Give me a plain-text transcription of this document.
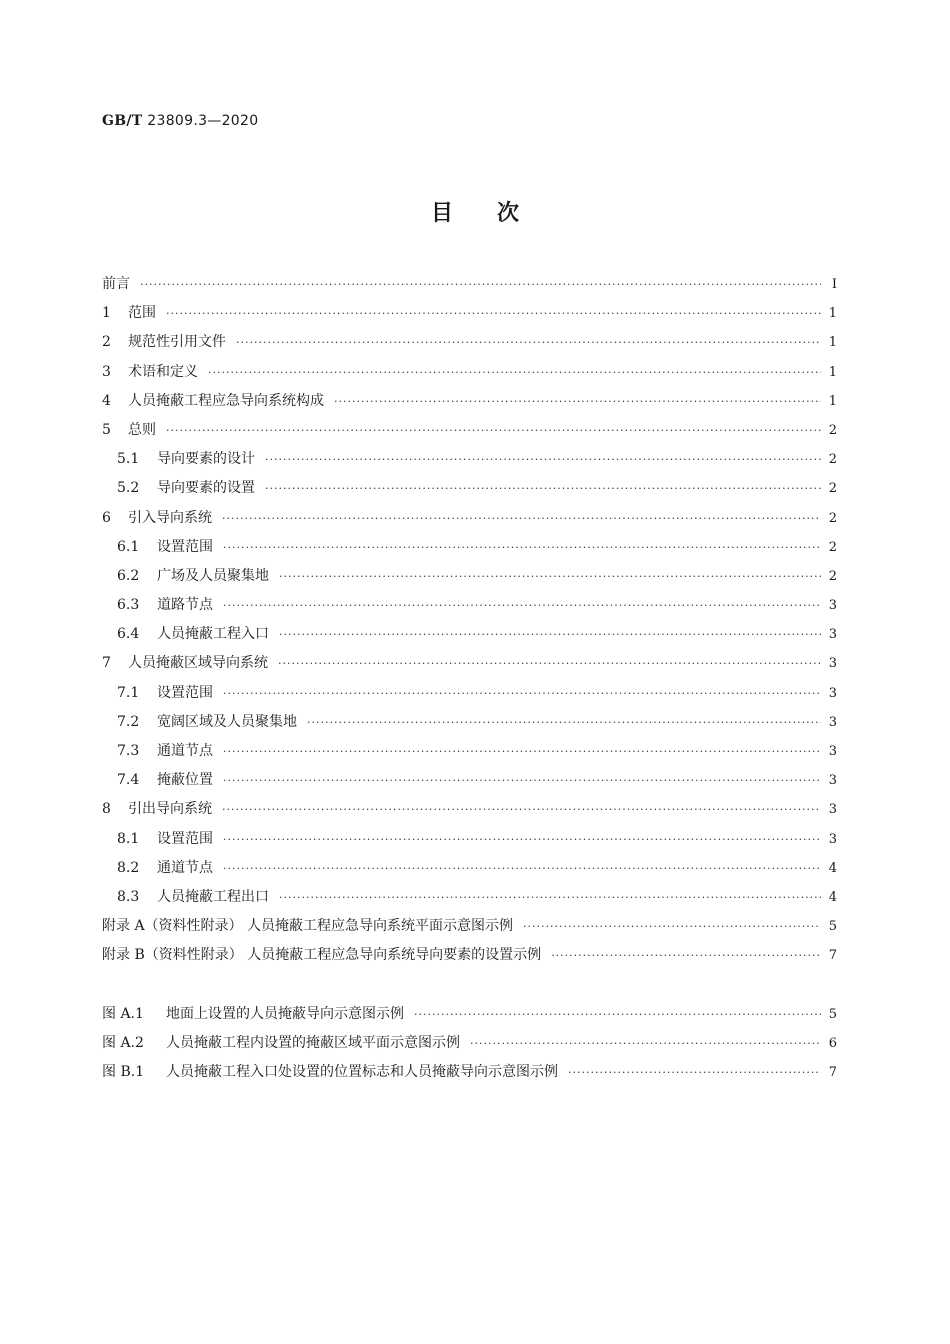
GB/T 23809.3—2020
目次
前言 ·····	Ⅰ
1	范围 ·····	1
2	规范性引用文件 ·····	1
3	术语和定义 ·····	1
4	人员掩蔽工程应急导向系统构成 ·····	1
5	总则 ·····	2
5.1	导向要素的设计 ·····	2
5.2	导向要素的设置 ·····	2
6	引入导向系统 ·····	2
6.1	设置范围 ·····	2
6.2	广场及人员聚集地 ·····	2
6.3	道路节点 ·····	3
6.4	人员掩蔽工程入口 ·····	3
7	人员掩蔽区域导向系统 ·····	3
7.1	设置范围 ·····	3
7.2	宽阔区域及人员聚集地 ·····	3
7.3	通道节点 ·····	3
7.4	掩蔽位置 ·····	3
8	引出导向系统 ·····	3
8.1	设置范围 ·····	3
8.2	通道节点 ·····	4
8.3	人员掩蔽工程出口 ·····	4
附录 A（资料性附录） 人员掩蔽工程应急导向系统平面示意图示例 ·····	5
附录 B（资料性附录） 人员掩蔽工程应急导向系统导向要素的设置示例 ·····	7
图 A.1	地面上设置的人员掩蔽导向示意图示例 ·····	5
图 A.2	人员掩蔽工程内设置的掩蔽区域平面示意图示例 ·····	6
图 B.1	人员掩蔽工程入口处设置的位置标志和人员掩蔽导向示意图示例 ·····	7
